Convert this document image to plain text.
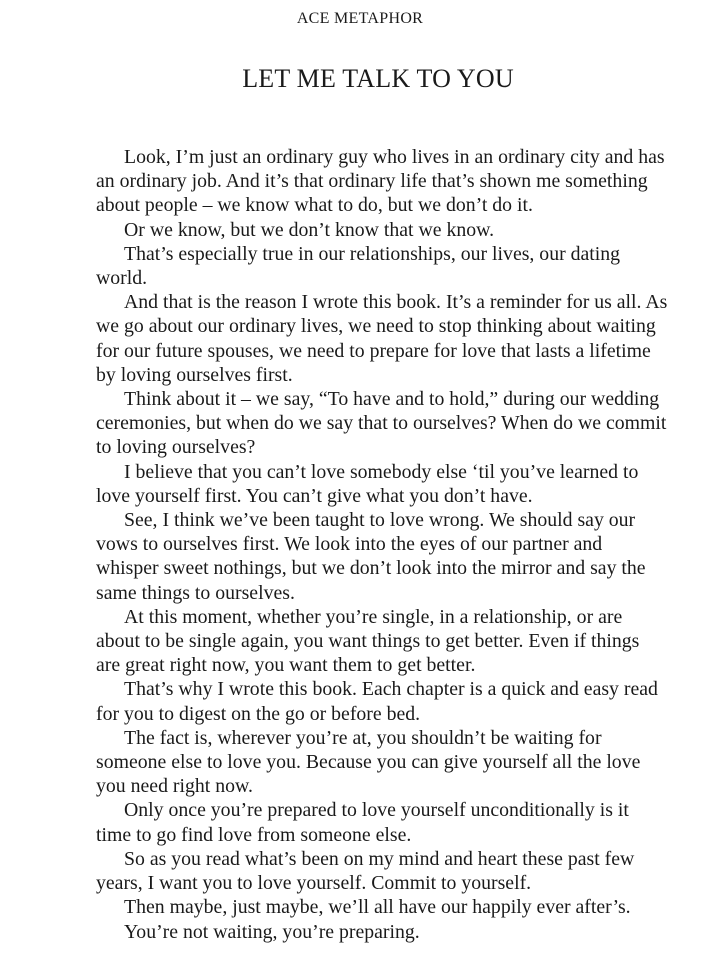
ACE METAPHOR
LET ME TALK TO YOU

Look, I’m just an ordinary guy who lives in an ordinary city and has an ordinary job. And it’s that ordinary life that’s shown me something about people – we know what to do, but we don’t do it.

Or we know, but we don’t know that we know.

That’s especially true in our relationships, our lives, our dating world.

And that is the reason I wrote this book. It’s a reminder for us all. As we go about our ordinary lives, we need to stop thinking about waiting for our future spouses, we need to prepare for love that lasts a lifetime by loving ourselves first.

Think about it – we say, “To have and to hold,” during our wedding ceremonies, but when do we say that to ourselves? When do we commit to loving ourselves?

I believe that you can’t love somebody else ‘til you’ve learned to love yourself first. You can’t give what you don’t have.

See, I think we’ve been taught to love wrong. We should say our vows to ourselves first. We look into the eyes of our partner and whisper sweet nothings, but we don’t look into the mirror and say the same things to ourselves.

At this moment, whether you’re single, in a relationship, or are about to be single again, you want things to get better. Even if things are great right now, you want them to get better.

That’s why I wrote this book. Each chapter is a quick and easy read for you to digest on the go or before bed.

The fact is, wherever you’re at, you shouldn’t be waiting for someone else to love you. Because you can give yourself all the love you need right now.

Only once you’re prepared to love yourself unconditionally is it time to go find love from someone else.

So as you read what’s been on my mind and heart these past few years, I want you to love yourself. Commit to yourself.

Then maybe, just maybe, we’ll all have our happily ever after’s.

You’re not waiting, you’re preparing.
